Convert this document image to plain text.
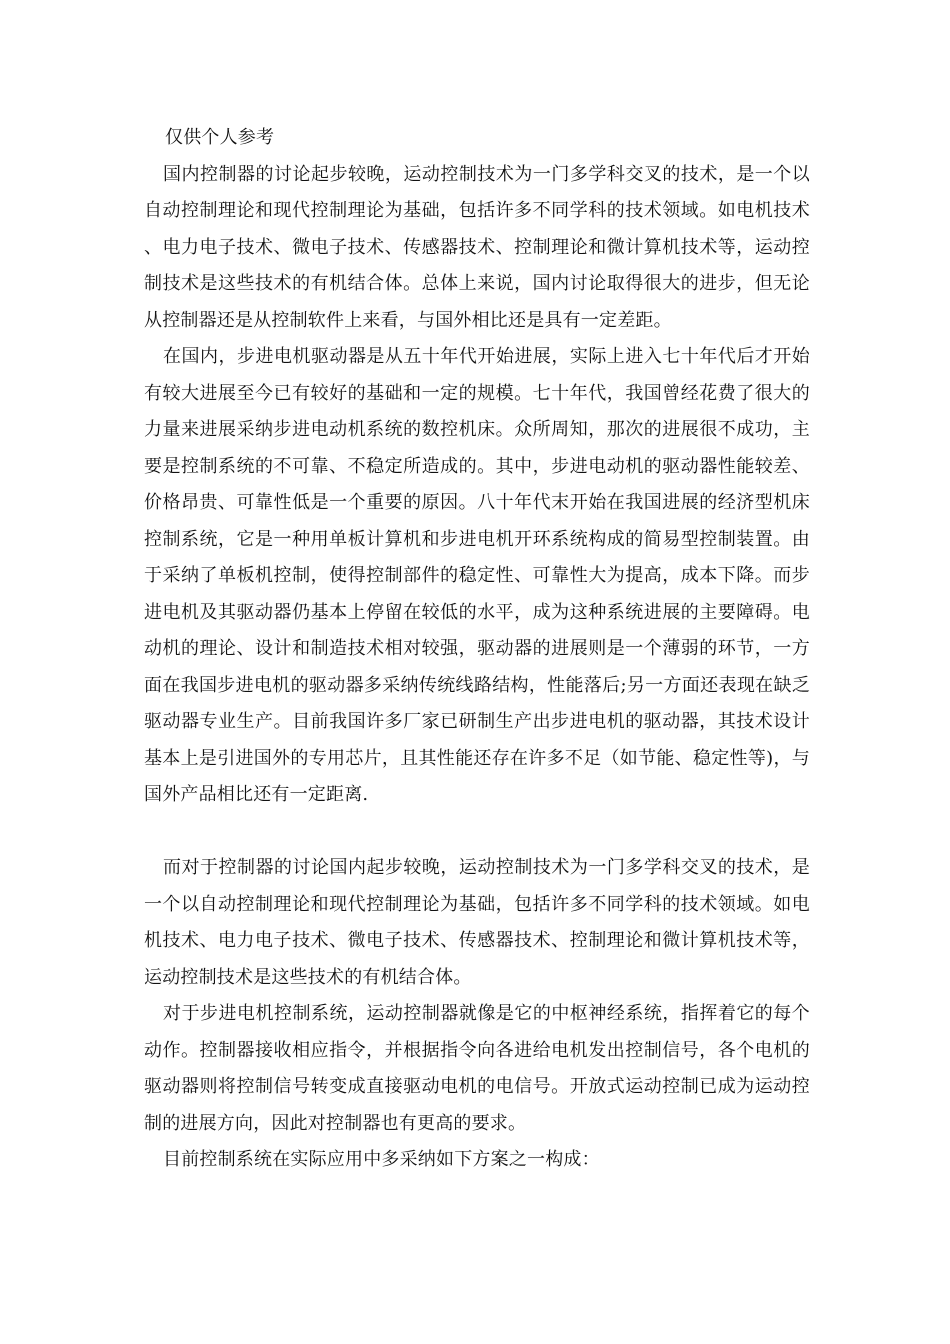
仅供个人参考

国内控制器的讨论起步较晚，运动控制技术为一门多学科交叉的技术，是一个以自动控制理论和现代控制理论为基础，包括许多不同学科的技术领域。如电机技术、电力电子技术、微电子技术、传感器技术、控制理论和微计算机技术等，运动控制技术是这些技术的有机结合体。总体上来说，国内讨论取得很大的进步，但无论从控制器还是从控制软件上来看，与国外相比还是具有一定差距。

在国内，步进电机驱动器是从五十年代开始进展，实际上进入七十年代后才开始有较大进展至今已有较好的基础和一定的规模。七十年代，我国曾经花费了很大的力量来进展采纳步进电动机系统的数控机床。众所周知，那次的进展很不成功，主要是控制系统的不可靠、不稳定所造成的。其中，步进电动机的驱动器性能较差、价格昂贵、可靠性低是一个重要的原因。八十年代末开始在我国进展的经济型机床控制系统，它是一种用单板计算机和步进电机开环系统构成的简易型控制装置。由于采纳了单板机控制，使得控制部件的稳定性、可靠性大为提高，成本下降。而步进电机及其驱动器仍基本上停留在较低的水平，成为这种系统进展的主要障碍。电动机的理论、设计和制造技术相对较强，驱动器的进展则是一个薄弱的环节，一方面在我国步进电机的驱动器多采纳传统线路结构，性能落后;另一方面还表现在缺乏驱动器专业生产。目前我国许多厂家已研制生产出步进电机的驱动器，其技术设计基本上是引进国外的专用芯片，且其性能还存在许多不足（如节能、稳定性等)，与国外产品相比还有一定距离.

而对于控制器的讨论国内起步较晚，运动控制技术为一门多学科交叉的技术，是一个以自动控制理论和现代控制理论为基础，包括许多不同学科的技术领域。如电机技术、电力电子技术、微电子技术、传感器技术、控制理论和微计算机技术等，运动控制技术是这些技术的有机结合体。

对于步进电机控制系统，运动控制器就像是它的中枢神经系统，指挥着它的每个动作。控制器接收相应指令，并根据指令向各进给电机发出控制信号，各个电机的驱动器则将控制信号转变成直接驱动电机的电信号。开放式运动控制已成为运动控制的进展方向，因此对控制器也有更高的要求。

目前控制系统在实际应用中多采纳如下方案之一构成：
